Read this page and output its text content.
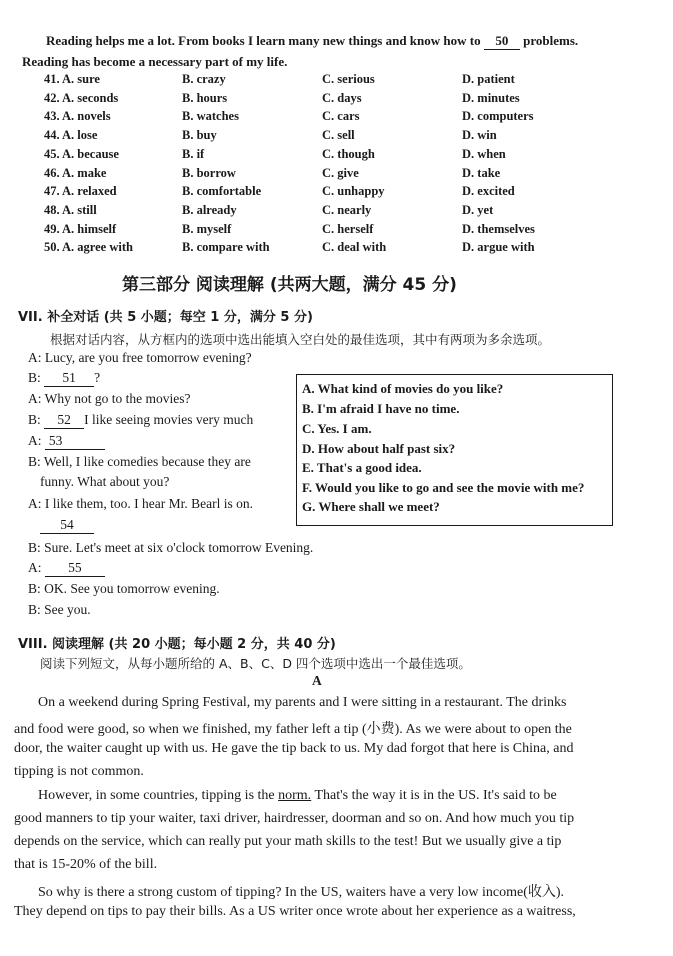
Reading helps me a lot. From books I learn many new things and know how to 50 problems.
Reading has become a necessary part of my life.
41. A. sure	B. crazy	C. serious	D. patient
42. A. seconds	B. hours	C. days	D. minutes
43. A. novels	B. watches	C. cars	D. computers
44. A. lose	B. buy	C. sell	D. win
45. A. because	B. if	C. though	D. when
46. A. make	B. borrow	C. give	D. take
47. A. relaxed	B. comfortable	C. unhappy	D. excited
48. A. still	B. already	C. nearly	D. yet
49. A. himself	B. myself	C. herself	D. themselves
50. A. agree with	B. compare with	C. deal with	D. argue with
第三部分 阅读理解 (共两大题，满分 45 分)
VII. 补全对话 (共 5 小题；每空 1 分，满分 5 分)
根据对话内容，从方框内的选项中选出能填入空白处的最佳选项，其中有两项为多余选项。
A: Lucy, are you free tomorrow evening?
B: 51 ?
A: Why not go to the movies?
B: 52 I like seeing movies very much
A: 53
B: Well, I like comedies because they are
funny. What about you?
A: I like them, too. I hear Mr. Bearl is on.
54
B: Sure. Let's meet at six o'clock tomorrow Evening.
A: 55
B: OK. See you tomorrow evening.
B: See you.
A. What kind of movies do you like?
B. I'm afraid I have no time.
C. Yes. I am.
D. How about half past six?
E. That's a good idea.
F. Would you like to go and see the movie with me?
G. Where shall we meet?
VIII. 阅读理解 (共 20 小题；每小题 2 分，共 40 分)
阅读下列短文，从每小题所给的 A、B、C、D 四个选项中选出一个最佳选项。
A
On a weekend during Spring Festival, my parents and I were sitting in a restaurant. The drinks
and food were good, so when we finished, my father left a tip (小费). As we were about to open the
door, the waiter caught up with us. He gave the tip back to us. My dad forgot that here is China, and
tipping is not common.
However, in some countries, tipping is the norm. That's the way it is in the US. It's said to be
good manners to tip your waiter, taxi driver, hairdresser, doorman and so on. And how much you tip
depends on the service, which can really put your math skills to the test! But we usually give a tip
that is 15-20% of the bill.
So why is there a strong custom of tipping? In the US, waiters have a very low income(收入).
They depend on tips to pay their bills. As a US writer once wrote about her experience as a waitress,
